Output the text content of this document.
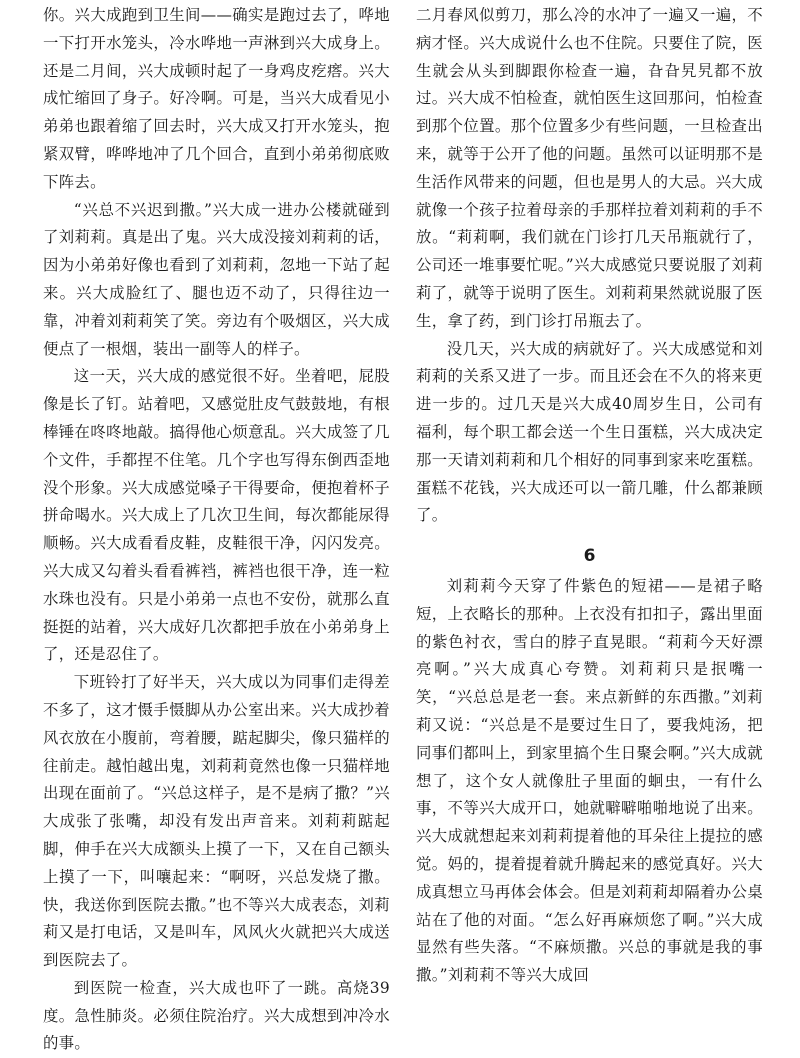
你。兴大成跑到卫生间——确实是跑过去了，哗地一下打开水笼头，冷水哗地一声淋到兴大成身上。还是二月间，兴大成顿时起了一身鸡皮疙瘩。兴大成忙缩回了身子。好冷啊。可是，当兴大成看见小弟弟也跟着缩了回去时，兴大成又打开水笼头，抱紧双臂，哗哗地冲了几个回合，直到小弟弟彻底败下阵去。

“兴总不兴迟到撒。”兴大成一进办公楼就碰到了刘莉莉。真是出了鬼。兴大成没接刘莉莉的话，因为小弟弟好像也看到了刘莉莉，忽地一下站了起来。兴大成脸红了、腿也迈不动了，只得往边一靠，冲着刘莉莉笑了笑。旁边有个吸烟区，兴大成便点了一根烟，装出一副等人的样子。

这一天，兴大成的感觉很不好。坐着吧，屁股像是长了钉。站着吧，又感觉肚皮气鼓鼓地，有根棒锤在咚咚地敲。搞得他心烦意乱。兴大成签了几个文件，手都捏不住笔。几个字也写得东倒西歪地没个形象。兴大成感觉嗓子干得要命，便抱着杯子拼命喝水。兴大成上了几次卫生间，每次都能尿得顺畅。兴大成看看皮鞋，皮鞋很干净，闪闪发亮。兴大成又勾着头看看裤裆，裤裆也很干净，连一粒水珠也没有。只是小弟弟一点也不安份，就那么直挺挺的站着，兴大成好几次都把手放在小弟弟身上了，还是忍住了。

下班铃打了好半天，兴大成以为同事们走得差不多了，这才慑手慑脚从办公室出来。兴大成抄着风衣放在小腹前，弯着腰，踮起脚尖，像只猫样的往前走。越怕越出鬼，刘莉莉竟然也像一只猫样地出现在面前了。“兴总这样子，是不是病了撒？”兴大成张了张嘴，却没有发出声音来。刘莉莉踮起脚，伸手在兴大成额头上摸了一下，又在自己额头上摸了一下，叫嚷起来：“啊呀，兴总发烧了撒。快，我送你到医院去撒。”也不等兴大成表态，刘莉莉又是打电话，又是叫车，风风火火就把兴大成送到医院去了。

到医院一检查，兴大成也吓了一跳。高烧39度。急性肺炎。必须住院治疗。兴大成想到冲冷水的事。

二月春风似剪刀，那么冷的水冲了一遍又一遍，不病才怪。兴大成说什么也不住院。只要住了院，医生就会从头到脚跟你检查一遍，旮旮旯旯都不放过。兴大成不怕检查，就怕医生这回那问，怕检查到那个位置。那个位置多少有些问题，一旦检查出来，就等于公开了他的问题。虽然可以证明那不是生活作风带来的问题，但也是男人的大忌。兴大成就像一个孩子拉着母亲的手那样拉着刘莉莉的手不放。“莉莉啊，我们就在门诊打几天吊瓶就行了，公司还一堆事要忙呢。”兴大成感觉只要说服了刘莉莉了，就等于说明了医生。刘莉莉果然就说服了医生，拿了药，到门诊打吊瓶去了。

没几天，兴大成的病就好了。兴大成感觉和刘莉莉的关系又进了一步。而且还会在不久的将来更进一步的。过几天是兴大成40周岁生日，公司有福利，每个职工都会送一个生日蛋糕，兴大成决定那一天请刘莉莉和几个相好的同事到家来吃蛋糕。蛋糕不花钱，兴大成还可以一箭几雕，什么都兼顾了。

6

刘莉莉今天穿了件紫色的短裙——是裙子略短，上衣略长的那种。上衣没有扣扣子，露出里面的紫色衬衣，雪白的脖子直晃眼。“莉莉今天好漂亮啊。”兴大成真心夸赞。刘莉莉只是抿嘴一笑，“兴总总是老一套。来点新鲜的东西撒。”刘莉莉又说：“兴总是不是要过生日了，要我炖汤，把同事们都叫上，到家里搞个生日聚会啊。”兴大成就想了，这个女人就像肚子里面的蛔虫，一有什么事，不等兴大成开口，她就噼噼啪啪地说了出来。兴大成就想起来刘莉莉提着他的耳朵往上提拉的感觉。妈的，提着提着就升腾起来的感觉真好。兴大成真想立马再体会体会。但是刘莉莉却隔着办公桌站在了他的对面。“怎么好再麻烦您了啊。”兴大成显然有些失落。“不麻烦撒。兴总的事就是我的事撒。”刘莉莉不等兴大成回
